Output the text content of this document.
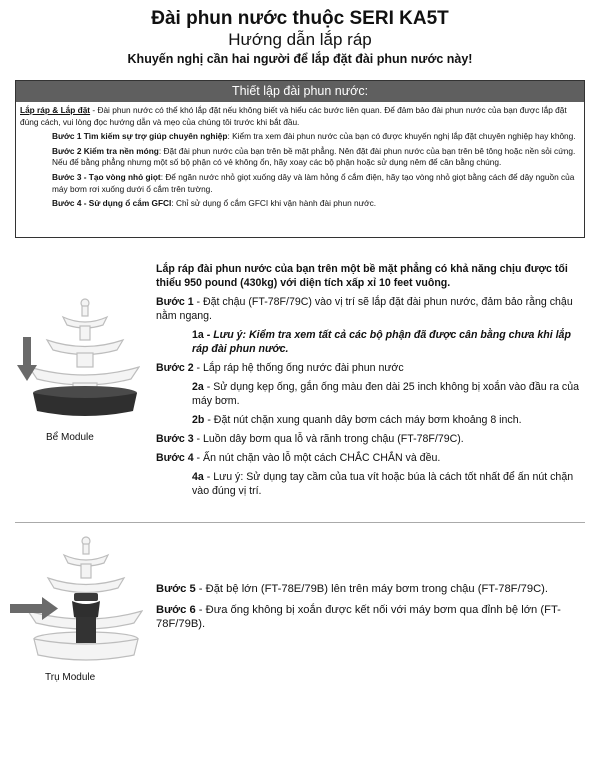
Đài phun nước thuộc SERI KA5T
Hướng dẫn lắp ráp
Khuyến nghị cần hai người để lắp đặt đài phun nước này!
Thiết lập đài phun nước:

Lắp ráp & Lắp đặt - Đài phun nước có thể khó lắp đặt nếu không biết và hiểu các bước liên quan. Để đảm bảo đài phun nước của bạn được lắp đặt đúng cách, vui lòng đọc hướng dẫn và mẹo của chúng tôi trước khi bắt đầu.

Bước 1 Tìm kiếm sự trợ giúp chuyên nghiệp: Kiểm tra xem đài phun nước của bạn có được khuyến nghị lắp đặt chuyên nghiệp hay không.

Bước 2 Kiểm tra nền móng: Đặt đài phun nước của bạn trên bề mặt phẳng. Nên đặt đài phun nước của bạn trên bê tông hoặc nền sỏi cứng. Nếu để bằng phẳng nhưng một số bộ phận có vẻ không ổn, hãy xoay các bộ phận hoặc sử dụng nêm để cân bằng chúng.

Bước 3 - Tạo vòng nhỏ giọt: Để ngăn nước nhỏ giọt xuống dây và làm hỏng ổ cắm điện, hãy tạo vòng nhỏ giọt bằng cách để dây nguồn của máy bơm rơi xuống dưới ổ cắm trên tường.

Bước 4 - Sử dụng ổ cắm GFCI: Chỉ sử dụng ổ cắm GFCI khi vận hành đài phun nước.

Bể Module

Lắp ráp đài phun nước của bạn trên một bề mặt phẳng có khả năng chịu được tối thiểu 950 pound (430kg) với diện tích xấp xỉ 10 feet vuông.

Bước 1 - Đặt chậu (FT-78F/79C) vào vị trí sẽ lắp đặt đài phun nước, đảm bảo rằng chậu nằm ngang.

1a - Lưu ý: Kiểm tra xem tất cả các bộ phận đã được cân bằng chưa khi lắp ráp đài phun nước.

Bước 2 - Lắp ráp hệ thống ống nước đài phun nước

2a - Sử dụng kẹp ống, gắn ống màu đen dài 25 inch không bị xoắn vào đầu ra của máy bơm.

2b - Đặt nút chặn xung quanh dây bơm cách máy bơm khoảng 8 inch.

Bước 3 - Luồn dây bơm qua lỗ và rãnh trong chậu (FT-78F/79C).

Bước 4 - Ấn nút chặn vào lỗ một cách CHẮC CHẮN và đều.

4a - Lưu ý: Sử dụng tay cầm của tua vít hoặc búa là cách tốt nhất để ấn nút chặn vào đúng vị trí.

Trụ Module

Bước 5 - Đặt bệ lớn (FT-78E/79B) lên trên máy bơm trong chậu (FT-78F/79C).

Bước 6 - Đưa ống không bị xoắn được kết nối với máy bơm qua đỉnh bệ lớn (FT-78F/79B).
